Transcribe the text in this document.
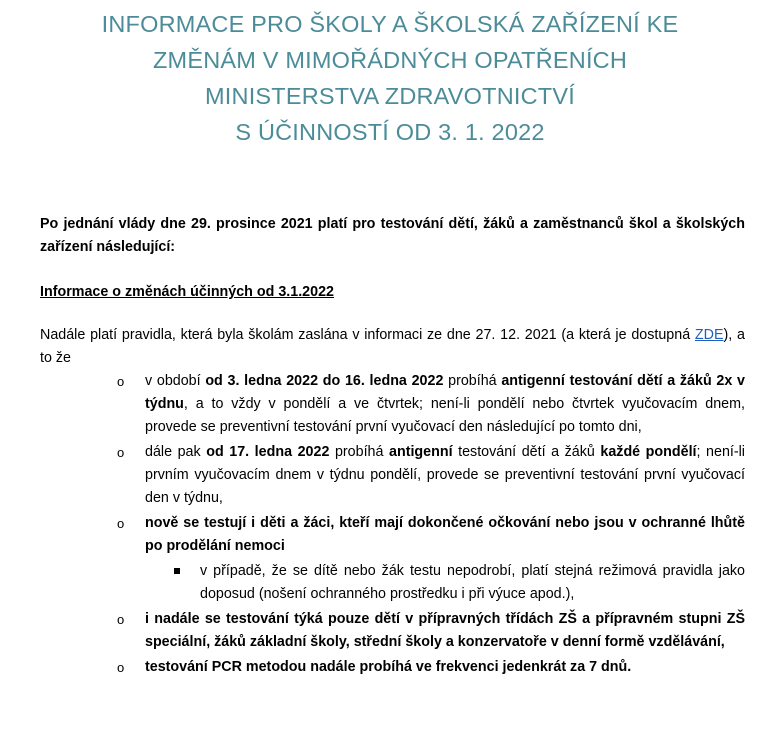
INFORMACE PRO ŠKOLY A ŠKOLSKÁ ZAŘÍZENÍ KE
ZMĚNÁM V MIMOŘÁDNÝCH OPATŘENÍCH
MINISTERSTVA ZDRAVOTNICTVÍ
S ÚČINNOSTÍ OD 3. 1. 2022
Po jednání vlády dne 29. prosince 2021 platí pro testování dětí, žáků a zaměstnanců škol a školských zařízení následující:
Informace o změnách účinných od 3.1.2022
Nadále platí pravidla, která byla školám zaslána v informaci ze dne 27. 12. 2021 (a která je dostupná ZDE), a to že
o v období od 3. ledna 2022 do 16. ledna 2022 probíhá antigenní testování dětí a žáků 2x v týdnu, a to vždy v pondělí a ve čtvrtek; není-li pondělí nebo čtvrtek vyučovacím dnem, provede se preventivní testování první vyučovací den následující po tomto dni,
o dále pak od 17. ledna 2022 probíhá antigenní testování dětí a žáků každé pondělí; není-li prvním vyučovacím dnem v týdnu pondělí, provede se preventivní testování první vyučovací den v týdnu,
o nově se testují i děti a žáci, kteří mají dokončené očkování nebo jsou v ochranné lhůtě po prodělání nemoci
v případě, že se dítě nebo žák testu nepodrobí, platí stejná režimová pravidla jako doposud (nošení ochranného prostředku i při výuce apod.),
o i nadále se testování týká pouze dětí v přípravných třídách ZŠ a přípravném stupni ZŠ speciální, žáků základní školy, střední školy a konzervatoře v denní formě vzdělávání,
o testování PCR metodou nadále probíhá ve frekvenci jedenkrát za 7 dnů.
